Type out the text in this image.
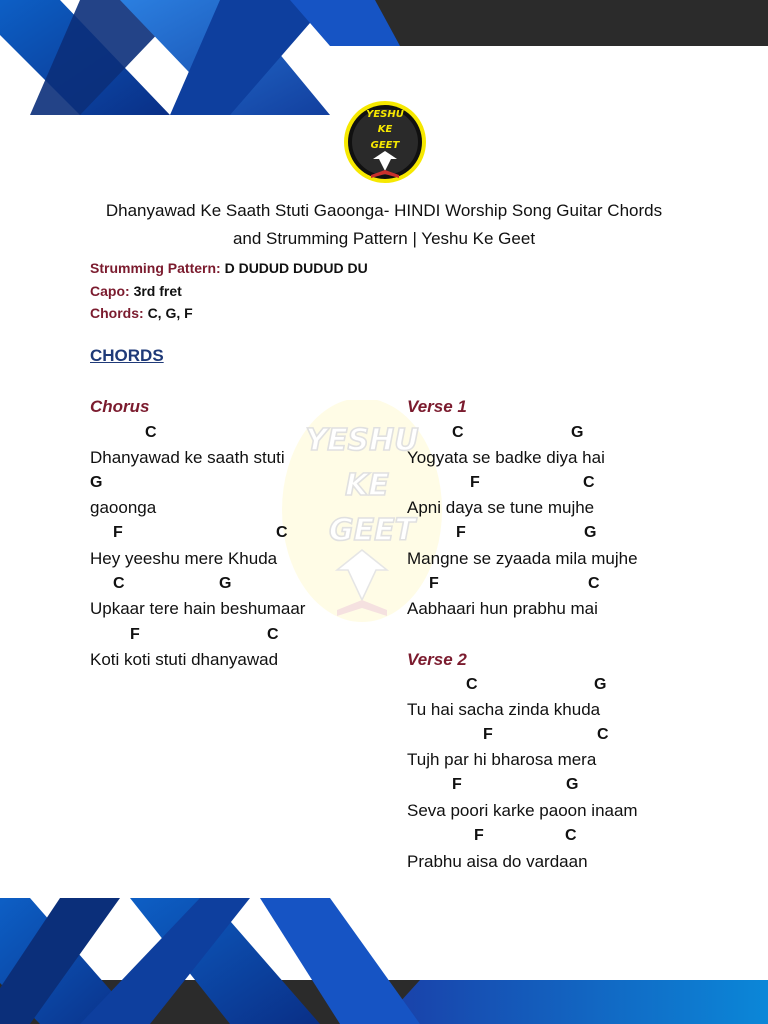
YESHU
KE
GEET
Dhanyawad Ke Saath Stuti Gaoonga- HINDI Worship Song Guitar Chords
and Strumming Pattern | Yeshu Ke Geet
Strumming Pattern: D DUDUD DUDUD DU
Capo: 3rd fret
Chords: C, G, F
CHORDS
YESHU
KE
GEET
Chorus
C
Dhanyawad ke saath stuti
G
gaoonga
F	C
Hey yeeshu mere Khuda
C	G
Upkaar tere hain beshumaar
F	C
Koti koti stuti dhanyawad
Verse 1
C	G
Yogyata se badke diya hai
F	C
Apni daya se tune mujhe
F	G
Mangne se zyaada mila mujhe
F	C
Aabhaari hun prabhu mai
Verse 2
C	G
Tu hai sacha zinda khuda
F	C
Tujh par hi bharosa mera
F	G
Seva poori karke paoon inaam
F	C
Prabhu aisa do vardaan
